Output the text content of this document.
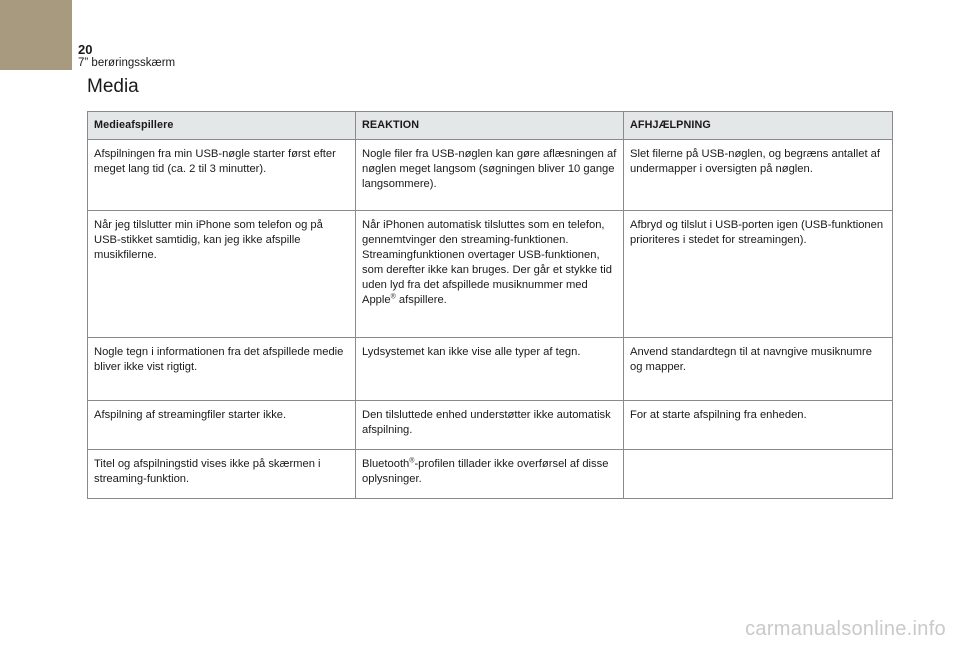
20
7” berøringsskærm
Media
Medieafspillere	REAKTION	AFHJÆLPNING

Afspilningen fra min USB-nøgle starter først efter meget lang tid (ca. 2 til 3 minutter).	Nogle filer fra USB-nøglen kan gøre aflæsningen af nøglen meget langsom (søgningen bliver 10 gange langsommere).	Slet filerne på USB-nøglen, og begræns antallet af undermapper i oversigten på nøglen.

Når jeg tilslutter min iPhone som telefon og på USB-stikket samtidig, kan jeg ikke afspille musikfilerne.	Når iPhonen automatisk tilsluttes som en telefon, gennemtvinger den streaming-funktionen. Streamingfunktionen overtager USB-funktionen, som derefter ikke kan bruges. Der går et stykke tid uden lyd fra det afspillede musiknummer med Apple® afspillere.	Afbryd og tilslut i USB-porten igen (USB-funktionen prioriteres i stedet for streamingen).

Nogle tegn i informationen fra det afspillede medie bliver ikke vist rigtigt.	Lydsystemet kan ikke vise alle typer af tegn.	Anvend standardtegn til at navngive musiknumre og mapper.

Afspilning af streamingfiler starter ikke.	Den tilsluttede enhed understøtter ikke automatisk afspilning.	For at starte afspilning fra enheden.

Titel og afspilningstid vises ikke på skærmen i streaming-funktion.	Bluetooth®-profilen tillader ikke overførsel af disse oplysninger.	

carmanualsonline.info
